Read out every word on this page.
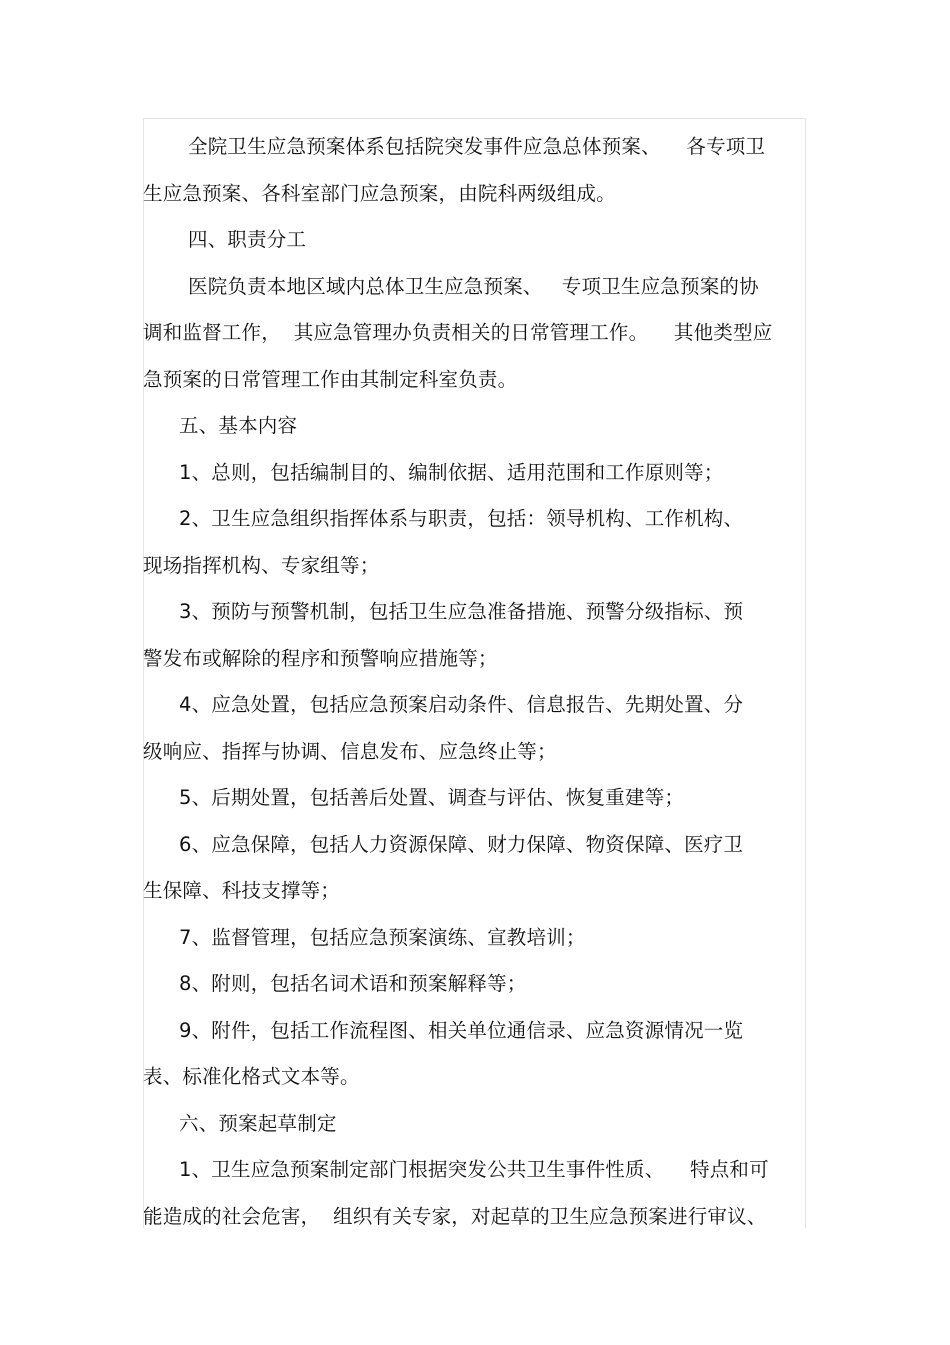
全院卫生应急预案体系包括院突发事件应急总体预案、    各专项卫
生应急预案、各科室部门应急预案，由院科两级组成。
四、职责分工
医院负责本地区域内总体卫生应急预案、   专项卫生应急预案的协
调和监督工作，  其应急管理办负责相关的日常管理工作。    其他类型应
急预案的日常管理工作由其制定科室负责。
五、基本内容
1、总则，包括编制目的、编制依据、适用范围和工作原则等；
2、卫生应急组织指挥体系与职责，包括：领导机构、工作机构、
现场指挥机构、专家组等；
3、预防与预警机制，包括卫生应急准备措施、预警分级指标、预
警发布或解除的程序和预警响应措施等；
4、应急处置，包括应急预案启动条件、信息报告、先期处置、分
级响应、指挥与协调、信息发布、应急终止等；
5、后期处置，包括善后处置、调查与评估、恢复重建等；
6、应急保障，包括人力资源保障、财力保障、物资保障、医疗卫
生保障、科技支撑等；
7、监督管理，包括应急预案演练、宣教培训；
8、附则，包括名词术语和预案解释等；
9、附件，包括工作流程图、相关单位通信录、应急资源情况一览
表、标准化格式文本等。
六、预案起草制定
1、卫生应急预案制定部门根据突发公共卫生事件性质、    特点和可
能造成的社会危害，  组织有关专家，对起草的卫生应急预案进行审议、
